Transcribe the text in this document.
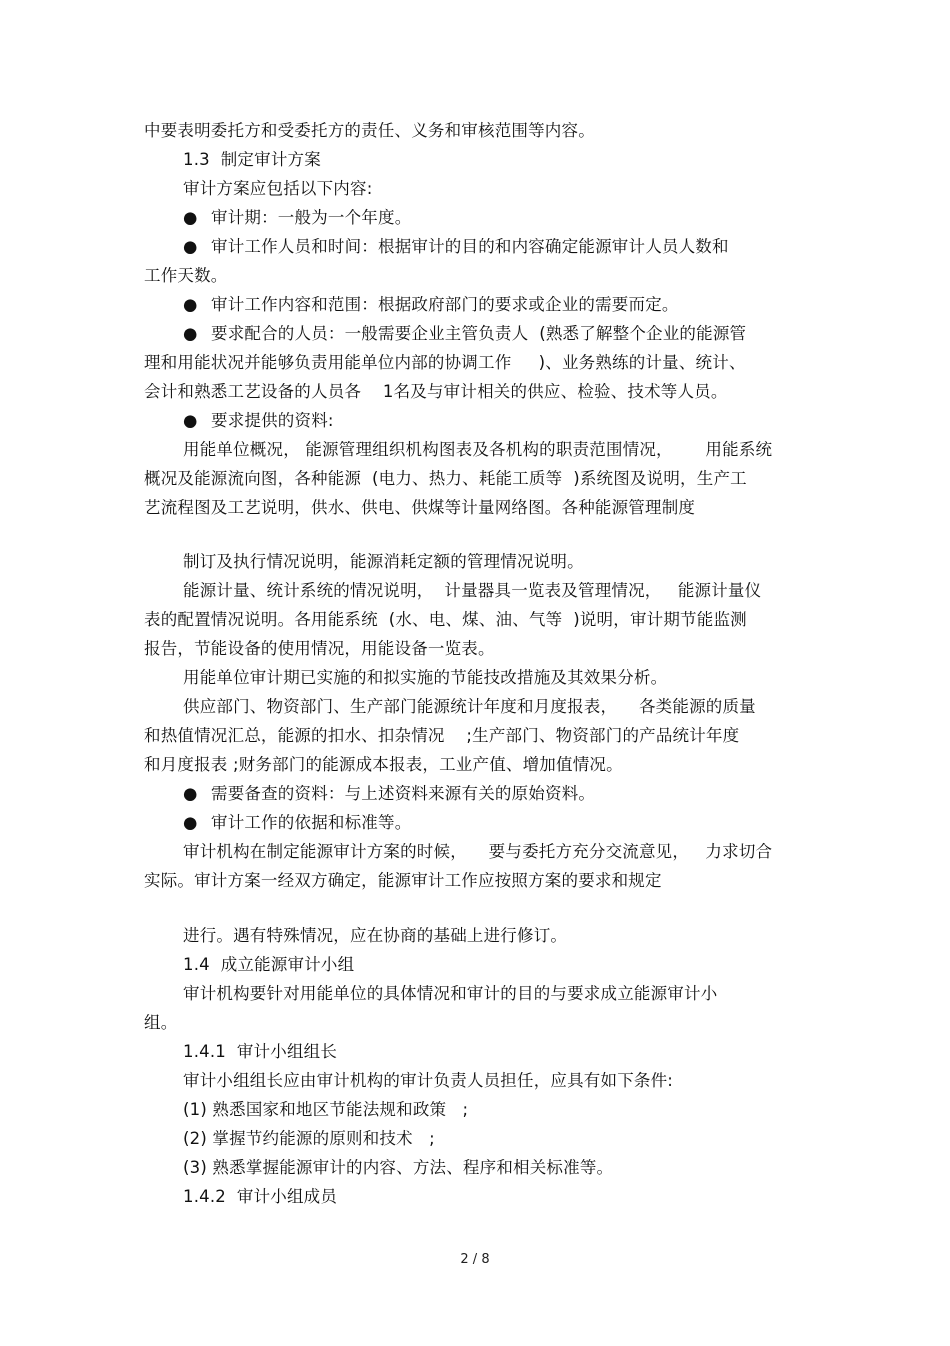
中要表明委托方和受委托方的责任、义务和审核范围等内容。
1.3  制定审计方案
审计方案应包括以下内容:
● 审计期：一般为一个年度。
● 审计工作人员和时间：根据审计的目的和内容确定能源审计人员人数和
工作天数。
● 审计工作内容和范围：根据政府部门的要求或企业的需要而定。
● 要求配合的人员：一般需要企业主管负责人  (熟悉了解整个企业的能源管
理和用能状况并能够负责用能单位内部的协调工作     )、业务熟练的计量、统计、
会计和熟悉工艺设备的人员各    1名及与审计相关的供应、检验、技术等人员。
● 要求提供的资料:
用能单位概况， 能源管理组织机构图表及各机构的职责范围情况，      用能系统
概况及能源流向图，各种能源  (电力、热力、耗能工质等  )系统图及说明，生产工
艺流程图及工艺说明，供水、供电、供煤等计量网络图。各种能源管理制度
制订及执行情况说明，能源消耗定额的管理情况说明。
能源计量、统计系统的情况说明，  计量器具一览表及管理情况，   能源计量仪
表的配置情况说明。各用能系统  (水、电、煤、油、气等  )说明，审计期节能监测
报告，节能设备的使用情况，用能设备一览表。
用能单位审计期已实施的和拟实施的节能技改措施及其效果分析。
供应部门、物资部门、生产部门能源统计年度和月度报表，    各类能源的质量
和热值情况汇总，能源的扣水、扣杂情况    ;生产部门、物资部门的产品统计年度
和月度报表 ;财务部门的能源成本报表，工业产值、增加值情况。
● 需要备查的资料：与上述资料来源有关的原始资料。
● 审计工作的依据和标准等。
审计机构在制定能源审计方案的时候，    要与委托方充分交流意见，   力求切合
实际。审计方案一经双方确定，能源审计工作应按照方案的要求和规定
进行。遇有特殊情况，应在协商的基础上进行修订。
1.4  成立能源审计小组
审计机构要针对用能单位的具体情况和审计的目的与要求成立能源审计小
组。
1.4.1  审计小组组长
审计小组组长应由审计机构的审计负责人员担任，应具有如下条件:
(1) 熟悉国家和地区节能法规和政策   ;
(2) 掌握节约能源的原则和技术   ;
(3) 熟悉掌握能源审计的内容、方法、程序和相关标准等。
1.4.2  审计小组成员
2 / 8
